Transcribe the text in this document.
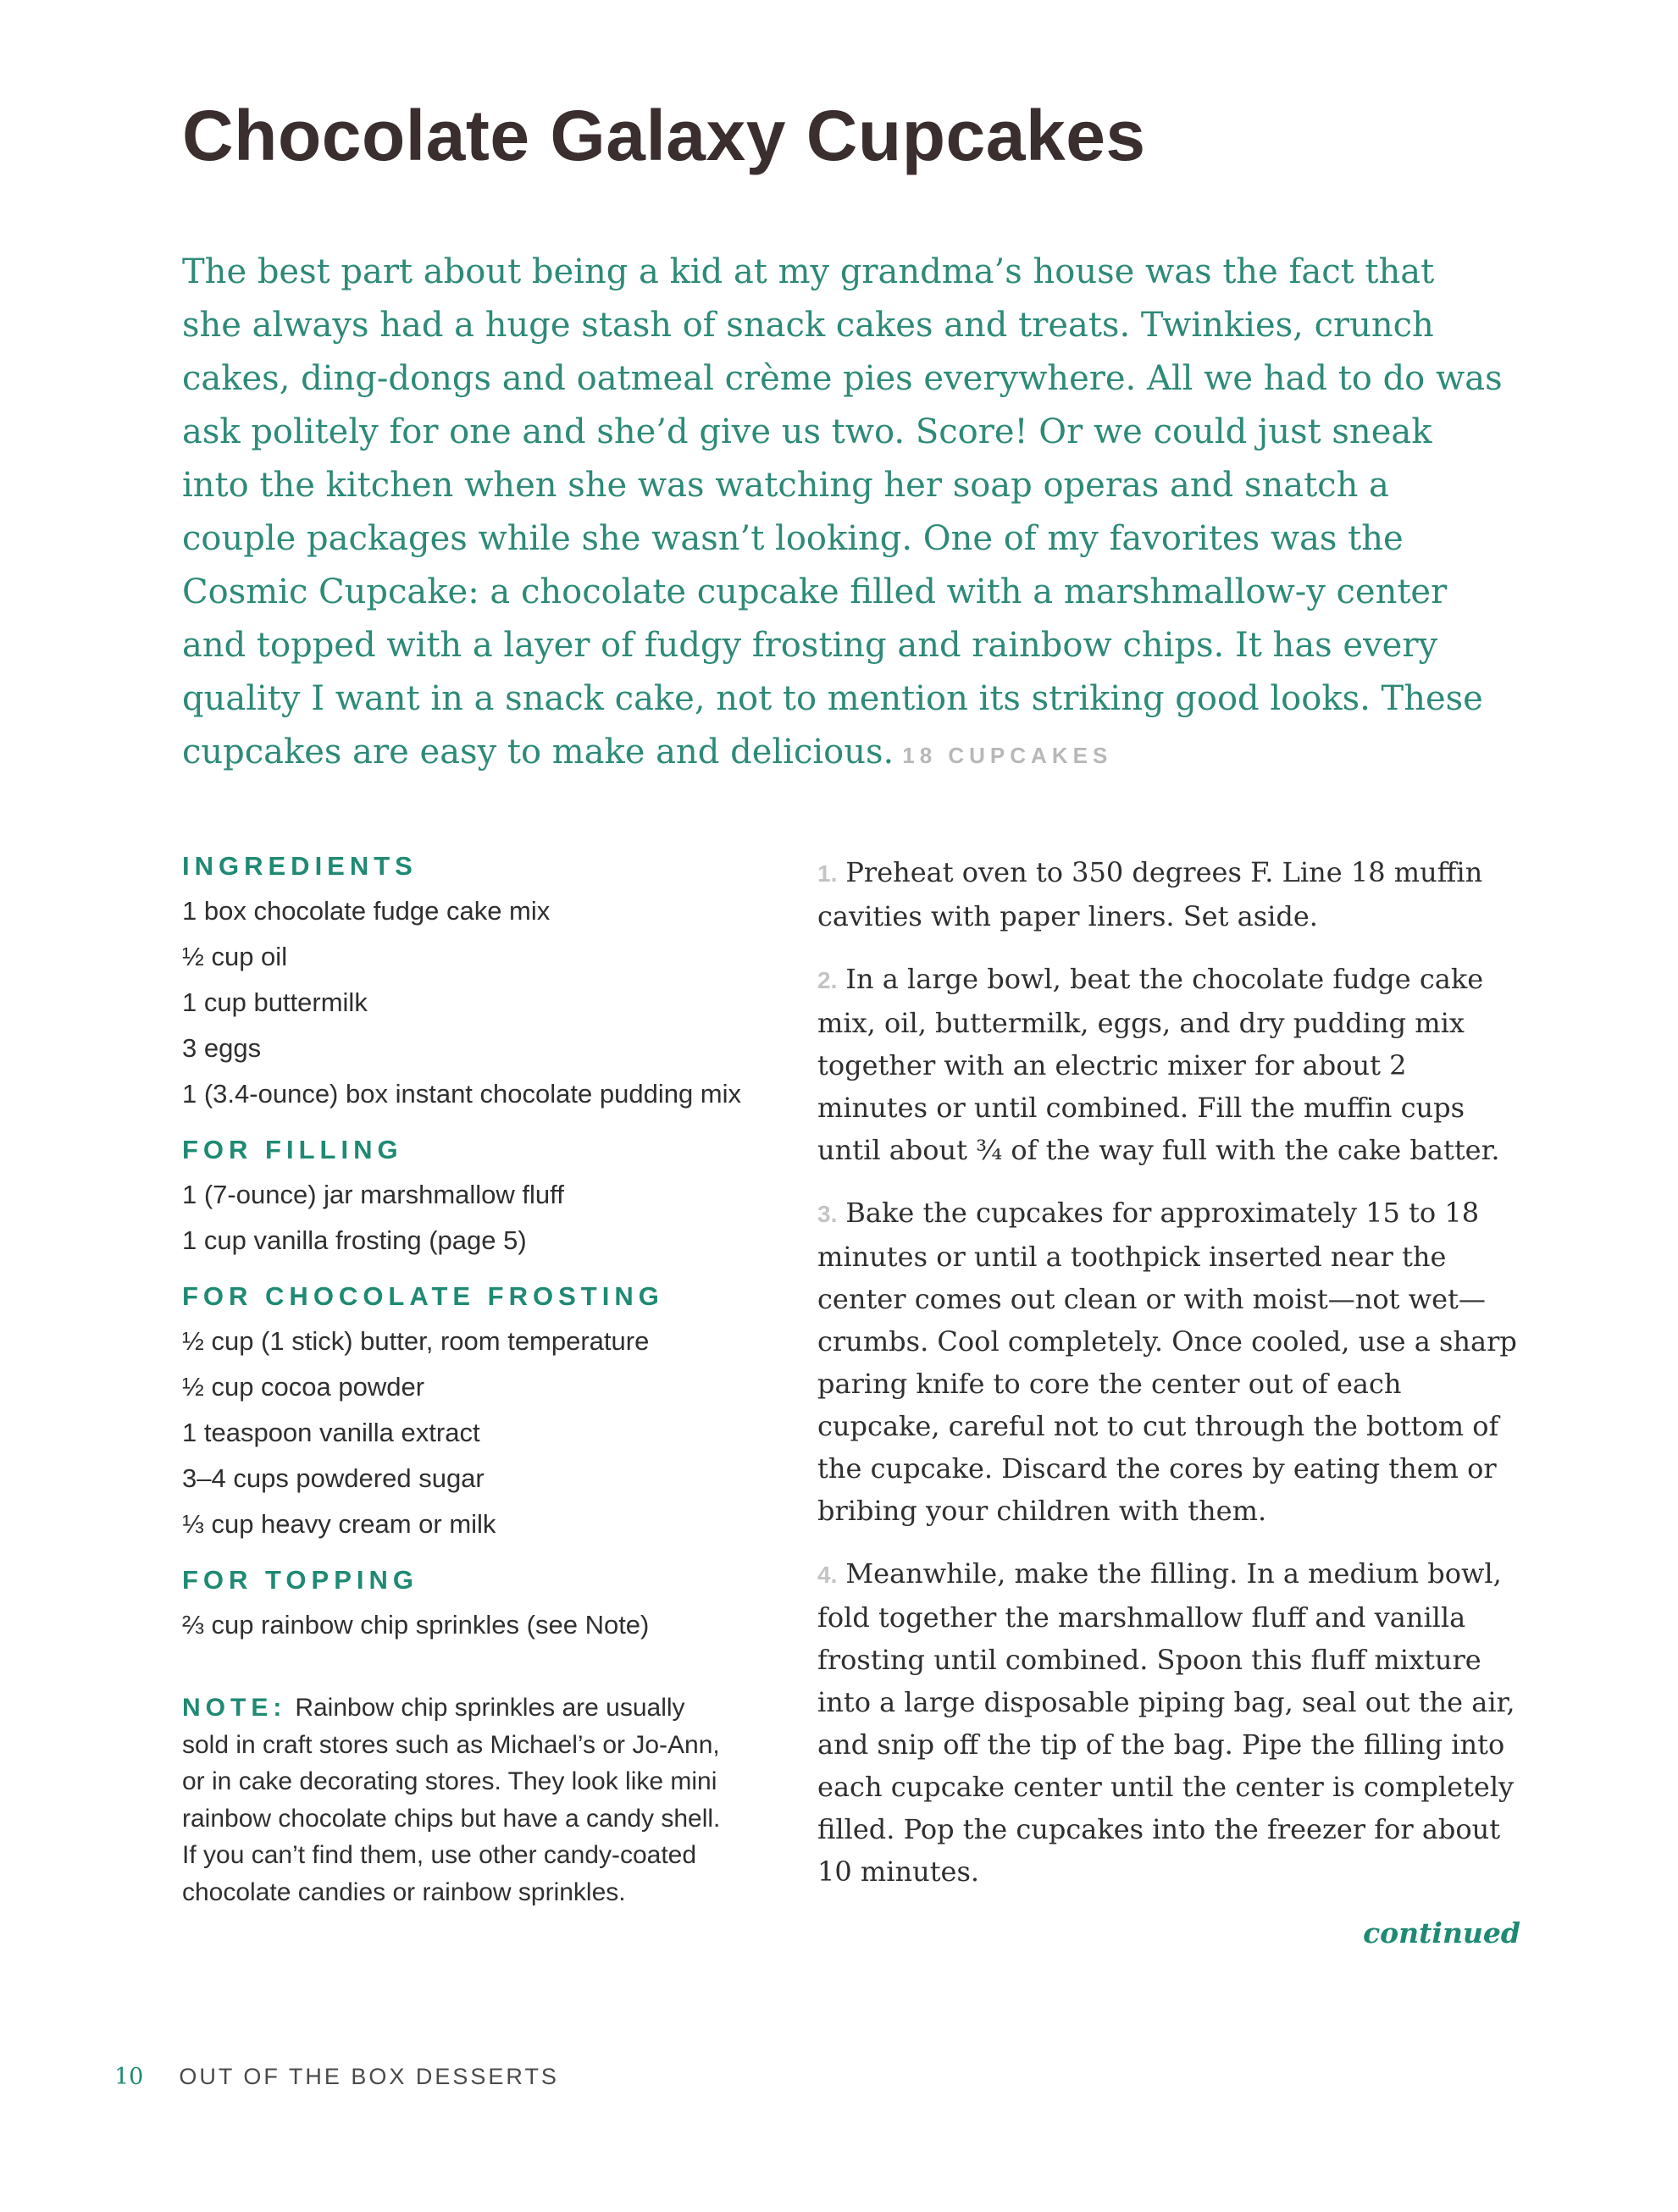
Chocolate Galaxy Cupcakes

The best part about being a kid at my grandma’s house was the fact that she always had a huge stash of snack cakes and treats. Twinkies, crunch cakes, ding-dongs and oatmeal crème pies everywhere. All we had to do was ask politely for one and she’d give us two. Score! Or we could just sneak into the kitchen when she was watching her soap operas and snatch a couple packages while she wasn’t looking. One of my favorites was the Cosmic Cupcake: a chocolate cupcake filled with a marshmallow-y center and topped with a layer of fudgy frosting and rainbow chips. It has every quality I want in a snack cake, not to mention its striking good looks. These cupcakes are easy to make and delicious. 18 CUPCAKES

INGREDIENTS
1 box chocolate fudge cake mix
½ cup oil
1 cup buttermilk
3 eggs
1 (3.4-ounce) box instant chocolate pudding mix
FOR FILLING
1 (7-ounce) jar marshmallow fluff
1 cup vanilla frosting (page 5)
FOR CHOCOLATE FROSTING
½ cup (1 stick) butter, room temperature
½ cup cocoa powder
1 teaspoon vanilla extract
3–4 cups powdered sugar
⅓ cup heavy cream or milk
FOR TOPPING
⅔ cup rainbow chip sprinkles (see Note)
NOTE: Rainbow chip sprinkles are usually sold in craft stores such as Michael’s or Jo-Ann, or in cake decorating stores. They look like mini rainbow chocolate chips but have a candy shell. If you can’t find them, use other candy-coated chocolate candies or rainbow sprinkles.

1. Preheat oven to 350 degrees F. Line 18 muffin cavities with paper liners. Set aside.

2. In a large bowl, beat the chocolate fudge cake mix, oil, buttermilk, eggs, and dry pudding mix together with an electric mixer for about 2 minutes or until combined. Fill the muffin cups until about ¾ of the way full with the cake batter.

3. Bake the cupcakes for approximately 15 to 18 minutes or until a toothpick inserted near the center comes out clean or with moist—not wet—crumbs. Cool completely. Once cooled, use a sharp paring knife to core the center out of each cupcake, careful not to cut through the bottom of the cupcake. Discard the cores by eating them or bribing your children with them.

4. Meanwhile, make the filling. In a medium bowl, fold together the marshmallow fluff and vanilla frosting until combined. Spoon this fluff mixture into a large disposable piping bag, seal out the air, and snip off the tip of the bag. Pipe the filling into each cupcake center until the center is completely filled. Pop the cupcakes into the freezer for about 10 minutes.

continued
10 OUT OF THE BOX DESSERTS
